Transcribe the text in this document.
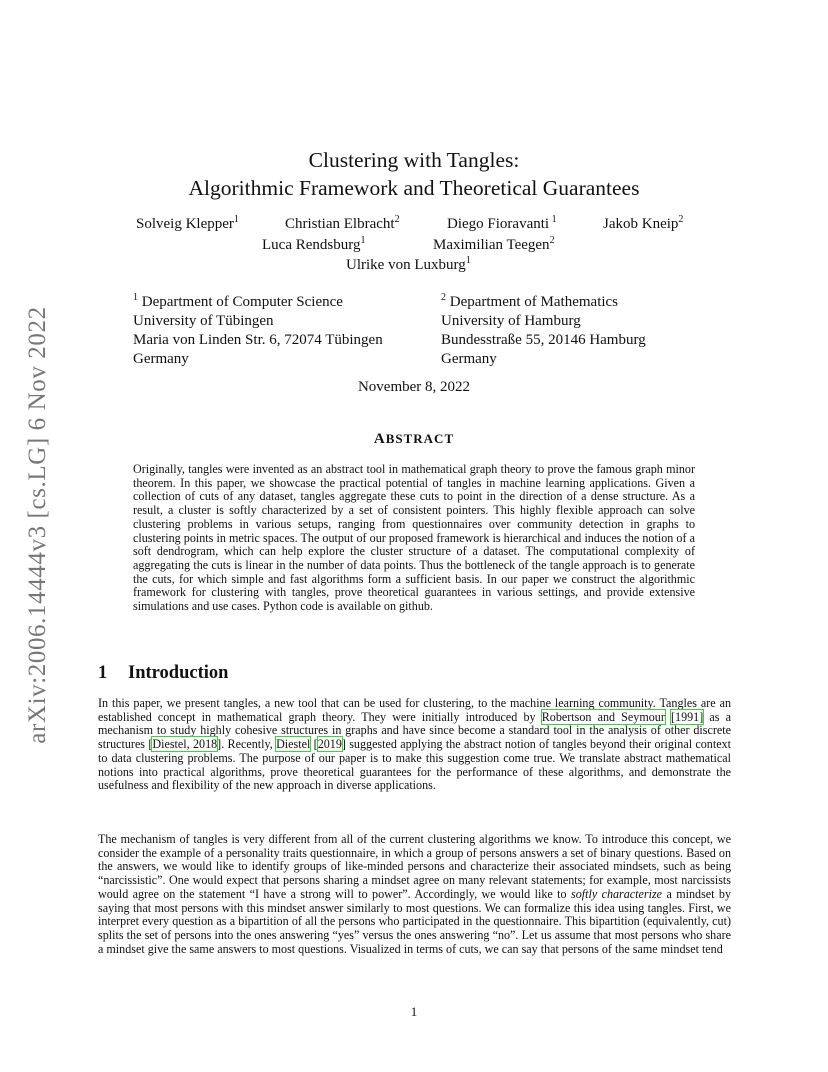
arXiv:2006.14444v3 [cs.LG] 6 Nov 2022
Clustering with Tangles:
Algorithmic Framework and Theoretical Guarantees
Solveig Klepper$^1$	Christian Elbracht$^2$	Diego Fioravanti $^1$	Jakob Kneip$^2$
Luca Rendsburg$^1$	Maximilian Teegen$^2$
Ulrike von Luxburg$^1$
$^1$ Department of Computer Science
University of Tübingen
Maria von Linden Str. 6, 72074 Tübingen
Germany
$^2$ Department of Mathematics
University of Hamburg
Bundesstraße 55, 20146 Hamburg
Germany
November 8, 2022
ABSTRACT
Originally, tangles were invented as an abstract tool in mathematical graph theory to prove the famous graph minor theorem. In this paper, we showcase the practical potential of tangles in machine learning applications. Given a collection of cuts of any dataset, tangles aggregate these cuts to point in the direction of a dense structure. As a result, a cluster is softly characterized by a set of consistent pointers. This highly flexible approach can solve clustering problems in various setups, ranging from questionnaires over community detection in graphs to clustering points in metric spaces. The output of our proposed framework is hierarchical and induces the notion of a soft dendrogram, which can help explore the cluster structure of a dataset. The computational complexity of aggregating the cuts is linear in the number of data points. Thus the bottleneck of the tangle approach is to generate the cuts, for which simple and fast algorithms form a sufficient basis. In our paper we construct the algorithmic framework for clustering with tangles, prove theoretical guarantees in various settings, and provide extensive simulations and use cases. Python code is available on github.
1 Introduction
In this paper, we present tangles, a new tool that can be used for clustering, to the machine learning community. Tangles are an established concept in mathematical graph theory. They were initially introduced by Robertson and Seymour [1991] as a mechanism to study highly cohesive structures in graphs and have since become a standard tool in the analysis of other discrete structures [Diestel, 2018]. Recently, Diestel [2019] suggested applying the abstract notion of tangles beyond their original context to data clustering problems. The purpose of our paper is to make this suggestion come true. We translate abstract mathematical notions into practical algorithms, prove theoretical guarantees for the performance of these algorithms, and demonstrate the usefulness and flexibility of the new approach in diverse applications.
The mechanism of tangles is very different from all of the current clustering algorithms we know. To introduce this concept, we consider the example of a personality traits questionnaire, in which a group of persons answers a set of binary questions. Based on the answers, we would like to identify groups of like-minded persons and characterize their associated mindsets, such as being “narcissistic”. One would expect that persons sharing a mindset agree on many relevant statements; for example, most narcissists would agree on the statement “I have a strong will to power”. Accordingly, we would like to softly characterize a mindset by saying that most persons with this mindset answer similarly to most questions. We can formalize this idea using tangles. First, we interpret every question as a bipartition of all the persons who participated in the questionnaire. This bipartition (equivalently, cut) splits the set of persons into the ones answering “yes” versus the ones answering “no”. Let us assume that most persons who share a mindset give the same answers to most questions. Visualized in terms of cuts, we can say that persons of the same mindset tend
1
